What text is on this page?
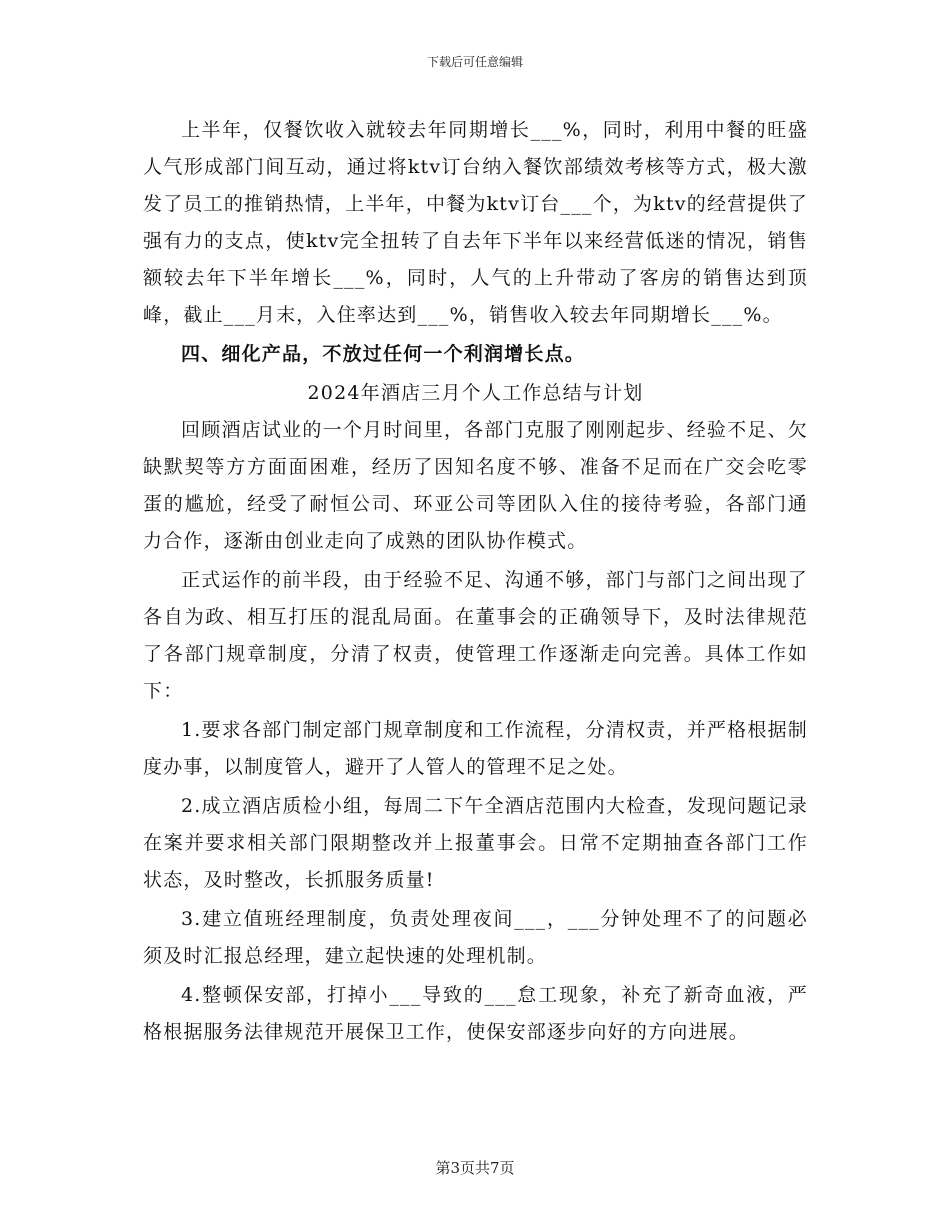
下载后可任意编辑

上半年，仅餐饮收入就较去年同期增长___%，同时，利用中餐的旺盛人气形成部门间互动，通过将ktv订台纳入餐饮部绩效考核等方式，极大激发了员工的推销热情，上半年，中餐为ktv订台___个，为ktv的经营提供了强有力的支点，使ktv完全扭转了自去年下半年以来经营低迷的情况，销售额较去年下半年增长___%，同时，人气的上升带动了客房的销售达到顶峰，截止___月末，入住率达到___%，销售收入较去年同期增长___%。

四、细化产品，不放过任何一个利润增长点。

2024年酒店三月个人工作总结与计划

回顾酒店试业的一个月时间里，各部门克服了刚刚起步、经验不足、欠缺默契等方方面面困难，经历了因知名度不够、准备不足而在广交会吃零蛋的尴尬，经受了耐恒公司、环亚公司等团队入住的接待考验，各部门通力合作，逐渐由创业走向了成熟的团队协作模式。

正式运作的前半段，由于经验不足、沟通不够，部门与部门之间出现了各自为政、相互打压的混乱局面。在董事会的正确领导下，及时法律规范了各部门规章制度，分清了权责，使管理工作逐渐走向完善。具体工作如下：

1.要求各部门制定部门规章制度和工作流程，分清权责，并严格根据制度办事，以制度管人，避开了人管人的管理不足之处。

2.成立酒店质检小组，每周二下午全酒店范围内大检查，发现问题记录在案并要求相关部门限期整改并上报董事会。日常不定期抽查各部门工作状态，及时整改，长抓服务质量!

3.建立值班经理制度，负责处理夜间___，___分钟处理不了的问题必须及时汇报总经理，建立起快速的处理机制。

4.整顿保安部，打掉小___导致的___怠工现象，补充了新奇血液，严格根据服务法律规范开展保卫工作，使保安部逐步向好的方向进展。

第3页共7页
